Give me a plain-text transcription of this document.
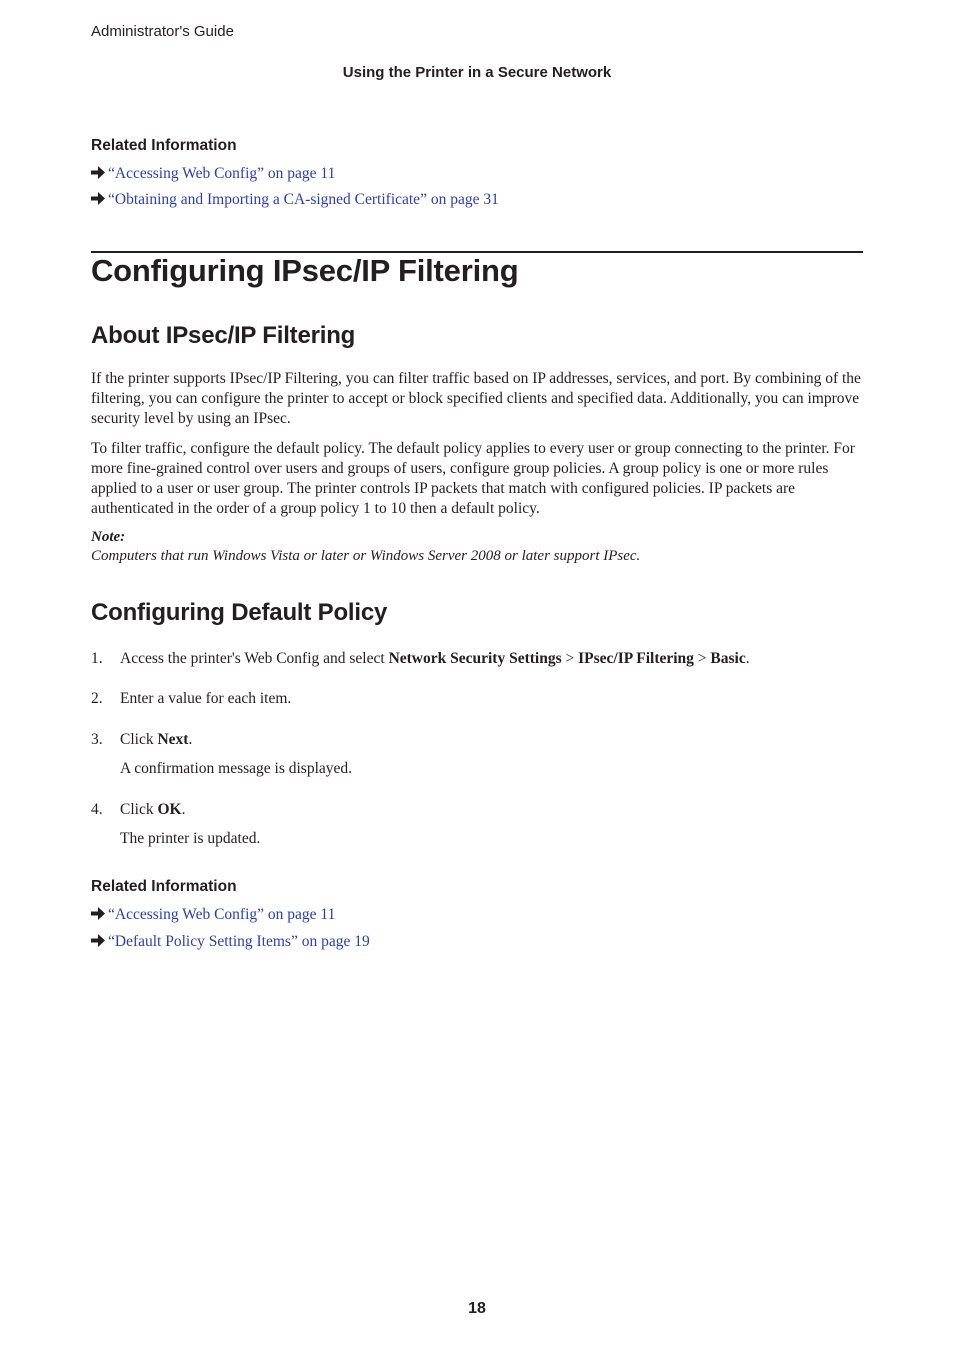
Administrator's Guide
Using the Printer in a Secure Network
Related Information
“Accessing Web Config” on page 11
“Obtaining and Importing a CA-signed Certificate” on page 31
Configuring IPsec/IP Filtering
About IPsec/IP Filtering

If the printer supports IPsec/IP Filtering, you can filter traffic based on IP addresses, services, and port. By combining of the filtering, you can configure the printer to accept or block specified clients and specified data. Additionally, you can improve security level by using an IPsec.

To filter traffic, configure the default policy. The default policy applies to every user or group connecting to the printer. For more fine-grained control over users and groups of users, configure group policies. A group policy is one or more rules applied to a user or user group. The printer controls IP packets that match with configured policies. IP packets are authenticated in the order of a group policy 1 to 10 then a default policy.

Note:
Computers that run Windows Vista or later or Windows Server 2008 or later support IPsec.
Configuring Default Policy
1. Access the printer's Web Config and select Network Security Settings > IPsec/IP Filtering > Basic.
2. Enter a value for each item.
3. Click Next.
A confirmation message is displayed.
4. Click OK.
The printer is updated.
Related Information
“Accessing Web Config” on page 11
“Default Policy Setting Items” on page 19
18
